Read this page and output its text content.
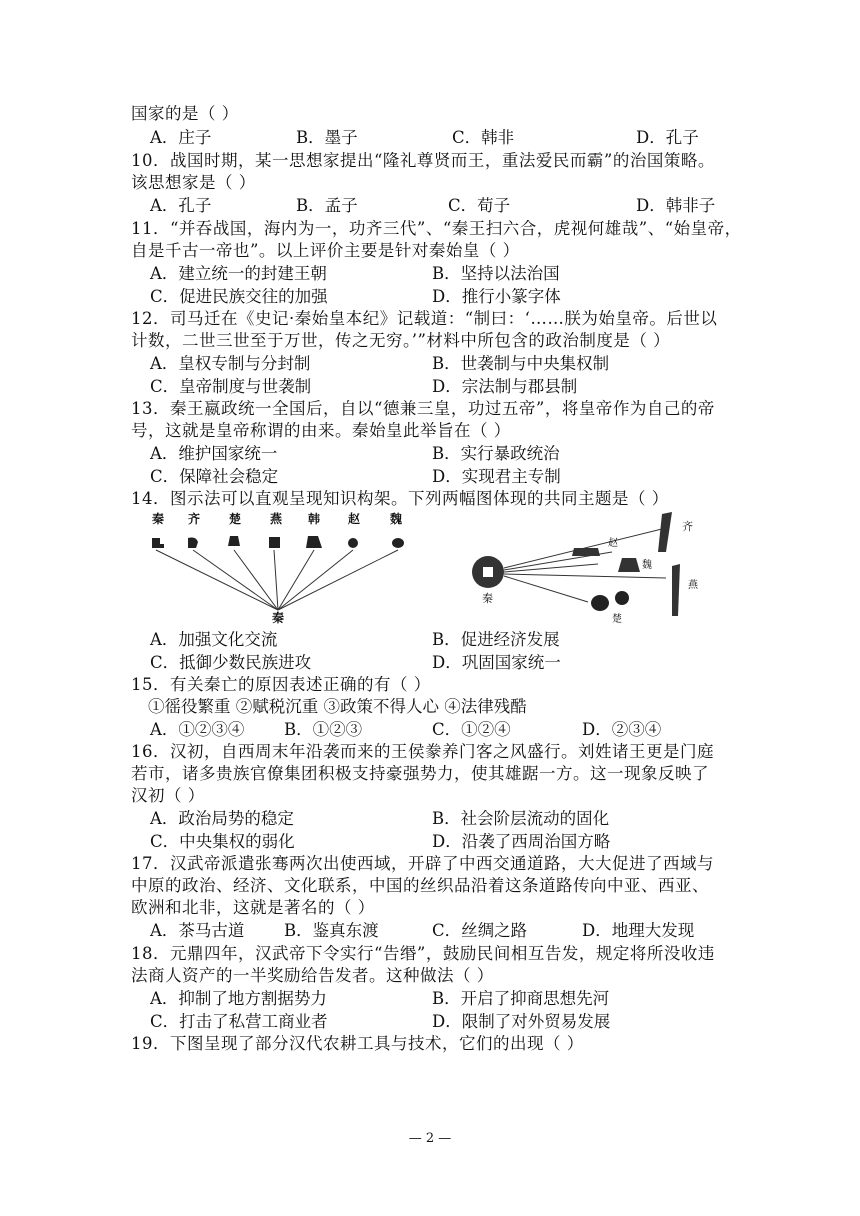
国家的是（ ）
A．庄子	B．墨子	C．韩非	D．孔子
10．战国时期，某一思想家提出“隆礼尊贤而王，重法爱民而霸”的治国策略。
该思想家是（ ）
A．孔子	B．孟子	C．荀子	D．韩非子
11．“并吞战国，海内为一，功齐三代”、“秦王扫六合，虎视何雄哉”、“始皇帝，
自是千古一帝也”。以上评价主要是针对秦始皇（ ）
A．建立统一的封建王朝	B．坚持以法治国
C．促进民族交往的加强	D．推行小篆字体
12．司马迁在《史记·秦始皇本纪》记载道：“制曰：‘……朕为始皇帝。后世以
计数，二世三世至于万世，传之无穷。’”材料中所包含的政治制度是（ ）
A．皇权专制与分封制	B．世袭制与中央集权制
C．皇帝制度与世袭制	D．宗法制与郡县制
13．秦王嬴政统一全国后，自以“德兼三皇，功过五帝”，将皇帝作为自己的帝
号，这就是皇帝称谓的由来。秦始皇此举旨在（ ）
A．维护国家统一	B．实行暴政统治
C．保障社会稳定	D．实现君主专制
14．图示法可以直观呈现知识构架。下列两幅图体现的共同主题是（ ）
秦 齐 楚 燕 韩 赵 魏
秦
秦
齐
赵
魏
燕
楚
A．加强文化交流	B．促进经济发展
C．抵御少数民族进攻	D．巩固国家统一
15．有关秦亡的原因表述正确的有（ ）
①徭役繁重 ②赋税沉重 ③政策不得人心 ④法律残酷
A．①②③④ B．①②③	C．①②④	D．②③④
16．汉初，自西周末年沿袭而来的王侯豢养门客之风盛行。刘姓诸王更是门庭
若市，诸多贵族官僚集团积极支持豪强势力，使其雄踞一方。这一现象反映了
汉初（ ）
A．政治局势的稳定	B．社会阶层流动的固化
C．中央集权的弱化	D．沿袭了西周治国方略
17．汉武帝派遣张骞两次出使西域，开辟了中西交通道路，大大促进了西域与
中原的政治、经济、文化联系，中国的丝织品沿着这条道路传向中亚、西亚、
欧洲和北非，这就是著名的（ ）
A．茶马古道 B．鉴真东渡	C．丝绸之路	D．地理大发现
18．元鼎四年，汉武帝下令实行“告缗”，鼓励民间相互告发，规定将所没收违
法商人资产的一半奖励给告发者。这种做法（ ）
A．抑制了地方割据势力	B．开启了抑商思想先河
C．打击了私营工商业者	D．限制了对外贸易发展
19．下图呈现了部分汉代农耕工具与技术，它们的出现（ ）
— 2 —
